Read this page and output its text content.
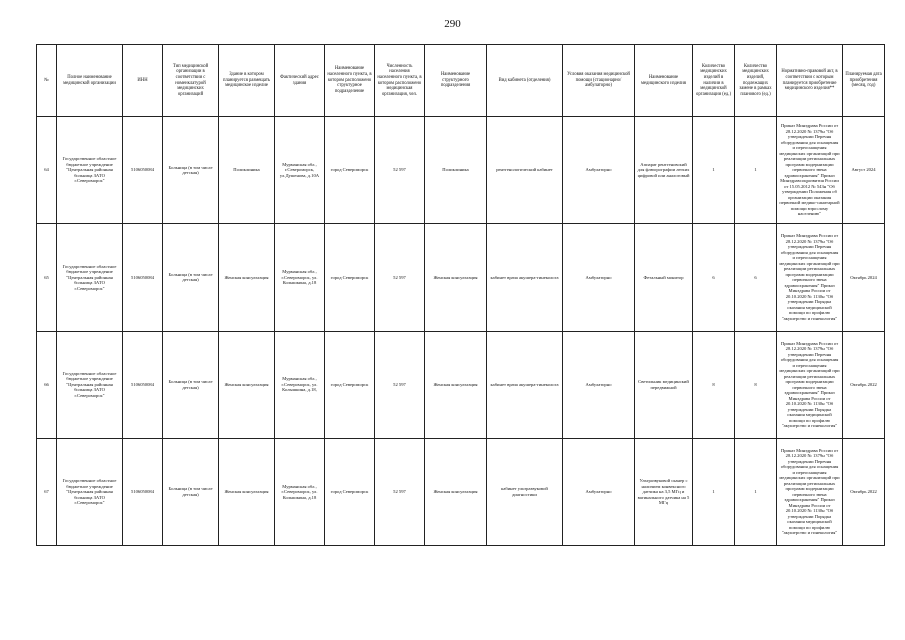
290
№	Полное наименование медицинской организации	ИНН	Тип медицинской организации в соответствии с номенклатурой медицинских организаций	Здание в котором планируется размещать медицинское изделие	Фактический адрес здания	Наименование населенного пункта, в котором расположено структурное подразделение	Численность населения населенного пункта, в котором расположено медицинская организация, чел.	Наименование структурного подразделения	Вид кабинета (отделения)	Условия оказания медицинской помощи (стационарно/амбулаторно)	Наименование медицинского изделия	Количество медицинских изделий в наличии в медицинской организации (ед.)	Количество медицинских изделий, подлежащих замене в рамках планового (ед.)	Нормативно-правовой акт, в соответствии с которым планируется приобретение медицинского изделия**	Планируемая дата приобретения (месяц, год)
64	Государственное областное бюджетное учреждение "Центральная районная больница ЗАТО г.Североморск"	5106050084	Больница (в том числе детская)	Поликлиника	Мурманская обл., г.Североморск, ул.Душенова, д.10А	город Североморск	52 597	Поликлиника	рентгенологический кабинет	Амбулаторно	Аппарат рентгеновский для флюорографии легких цифровой или аналоговый	1	1	Приказ Минздрава России от 28.12.2020 № 1379н "Об утверждении Перечня оборудования для оснащения и переоснащения медицинских организаций при реализации региональных программ модернизации первичного звена здравоохранения" Приказ Минздравсоцразвития России от 15.05.2012 № 543н "Об утверждении Положения об организации оказания первичной медико-санитарной помощи взрослому населению"	Август 2024
65	Государственное областное бюджетное учреждение "Центральная районная больница ЗАТО г.Североморск"	5106050084	Больница (в том числе детская)	Женская консультация	Мурманская обл., г.Североморск, ул. Колышкина, д.18	город Североморск	52 597	Женская консультация	кабинет врача акушера-гинеколога	Амбулаторно	Фетальный монитор	6	6	Приказ Минздрава России от 28.12.2020 № 1379н "Об утверждении Перечня оборудования для оснащения и переоснащения медицинских организаций при реализации региональных программ модернизации первичного звена здравоохранения" Приказ Минздрава России от 20.10.2020 № 1130н "Об утверждении Порядка оказания медицинской помощи по профилю "акушерство и гинекология"	Октябрь 2024
66	Государственное областное бюджетное учреждение "Центральная районная больница ЗАТО г.Североморск"	5106050084	Больница (в том числе детская)	Женская консультация	Мурманская обл., г.Североморск, ул. Колышкина, д.18,	город Североморск	52 597	Женская консультация	кабинет врача акушера-гинеколога	Амбулаторно	Светильник медицинский передвижной	8	8	Приказ Минздрава России от 28.12.2020 № 1379н "Об утверждении Перечня оборудования для оснащения и переоснащения медицинских организаций при реализации региональных программ модернизации первичного звена здравоохранения" Приказ Минздрава России от 20.10.2020 № 1130н "Об утверждении Порядка оказания медицинской помощи по профилю "акушерство и гинекология"	Октябрь 2022
67	Государственное областное бюджетное учреждение "Центральная районная больница ЗАТО г.Североморск"	5106050084	Больница (в том числе детская)	Женская консультация	Мурманская обл., г.Североморск, ул. Колышкина, д.18	город Североморск	52 597	Женская консультация	кабинет ультразвуковой диагностики	Амбулаторно	Ультразвуковой сканер с наличием конвексного датчика на 3,5 МГц и вагинального датчика на 5 МГц	1	1	Приказ Минздрава России от 28.12.2020 № 1379н "Об утверждении Перечня оборудования для оснащения и переоснащения медицинских организаций при реализации региональных программ модернизации первичного звена здравоохранения" Приказ Минздрава России от 20.10.2020 № 1130н "Об утверждении Порядка оказания медицинской помощи по профилю "акушерство и гинекология"	Октябрь 2022
